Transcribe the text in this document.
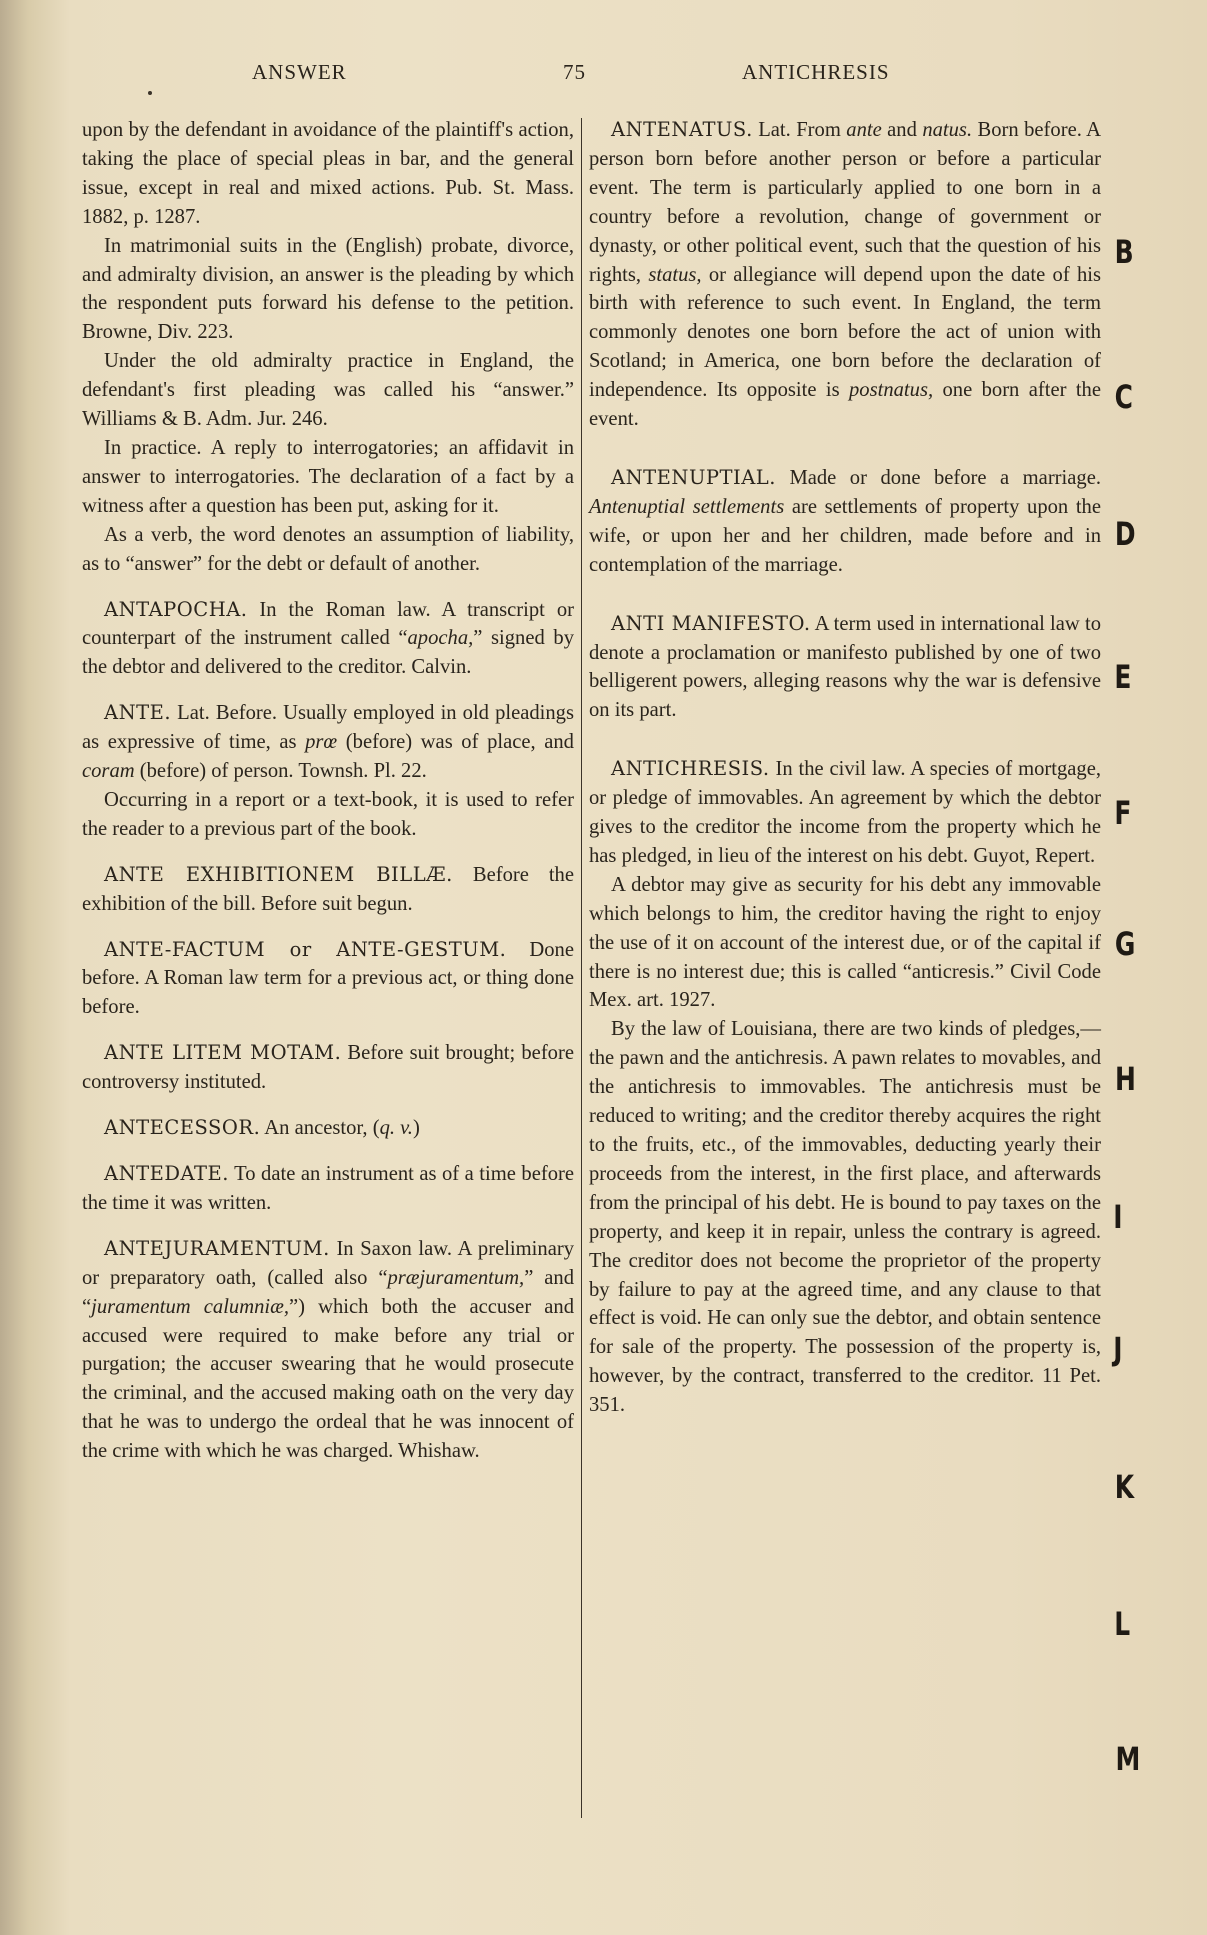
ANSWER	75	ANTICHRESIS

upon by the defendant in avoidance of the plaintiff's action, taking the place of special pleas in bar, and the general issue, except in real and mixed actions. Pub. St. Mass. 1882, p. 1287.

In matrimonial suits in the (English) probate, divorce, and admiralty division, an answer is the pleading by which the respondent puts forward his defense to the petition. Browne, Div. 223.

Under the old admiralty practice in England, the defendant's first pleading was called his “answer.” Williams & B. Adm. Jur. 246.

In practice. A reply to interrogatories; an affidavit in answer to interrogatories. The declaration of a fact by a witness after a question has been put, asking for it.

As a verb, the word denotes an assumption of liability, as to “answer” for the debt or default of another.

ANTAPOCHA. In the Roman law. A transcript or counterpart of the instrument called “apocha,” signed by the debtor and delivered to the creditor. Calvin.

ANTE. Lat. Before. Usually employed in old pleadings as expressive of time, as prœ (before) was of place, and coram (before) of person. Townsh. Pl. 22.

Occurring in a report or a text-book, it is used to refer the reader to a previous part of the book.

ANTE EXHIBITIONEM BILLÆ. Before the exhibition of the bill. Before suit begun.

ANTE-FACTUM or ANTE-GESTUM. Done before. A Roman law term for a previous act, or thing done before.

ANTE LITEM MOTAM. Before suit brought; before controversy instituted.

ANTECESSOR. An ancestor, (q. v.)

ANTEDATE. To date an instrument as of a time before the time it was written.

ANTEJURAMENTUM. In Saxon law. A preliminary or preparatory oath, (called also “præjuramentum,” and “juramentum calumniæ,”) which both the accuser and accused were required to make before any trial or purgation; the accuser swearing that he would prosecute the criminal, and the accused making oath on the very day that he was to undergo the ordeal that he was innocent of the crime with which he was charged. Whishaw.

ANTENATUS. Lat. From ante and natus. Born before. A person born before another person or before a particular event. The term is particularly applied to one born in a country before a revolution, change of government or dynasty, or other political event, such that the question of his rights, status, or allegiance will depend upon the date of his birth with reference to such event. In England, the term commonly denotes one born before the act of union with Scotland; in America, one born before the declaration of independence. Its opposite is postnatus, one born after the event.

ANTENUPTIAL. Made or done before a marriage. Antenuptial settlements are settlements of property upon the wife, or upon her and her children, made before and in contemplation of the marriage.

ANTI MANIFESTO. A term used in international law to denote a proclamation or manifesto published by one of two belligerent powers, alleging reasons why the war is defensive on its part.

ANTICHRESIS. In the civil law. A species of mortgage, or pledge of immovables. An agreement by which the debtor gives to the creditor the income from the property which he has pledged, in lieu of the interest on his debt. Guyot, Repert.

A debtor may give as security for his debt any immovable which belongs to him, the creditor having the right to enjoy the use of it on account of the interest due, or of the capital if there is no interest due; this is called “anticresis.” Civil Code Mex. art. 1927.

By the law of Louisiana, there are two kinds of pledges,—the pawn and the antichresis. A pawn relates to movables, and the antichresis to immovables. The antichresis must be reduced to writing; and the creditor thereby acquires the right to the fruits, etc., of the immovables, deducting yearly their proceeds from the interest, in the first place, and afterwards from the principal of his debt. He is bound to pay taxes on the property, and keep it in repair, unless the contrary is agreed. The creditor does not become the proprietor of the property by failure to pay at the agreed time, and any clause to that effect is void. He can only sue the debtor, and obtain sentence for sale of the property. The possession of the property is, however, by the contract, transferred to the creditor. 11 Pet. 351.

B
C
D
E
F
G
H
I
J
K
L
M
